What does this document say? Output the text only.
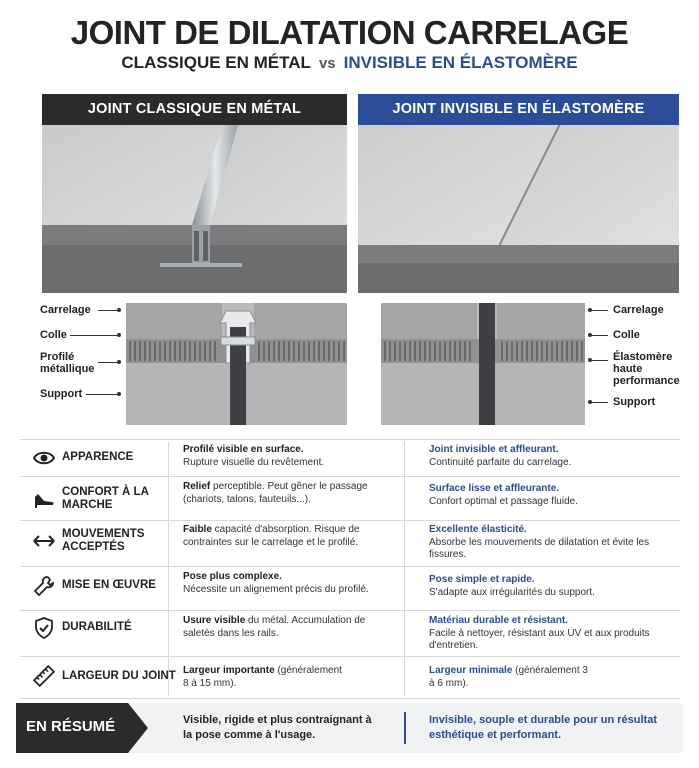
JOINT DE DILATATION CARRELAGE
CLASSIQUE EN MÉTAL vs INVISIBLE EN ÉLASTOMÈRE
JOINT CLASSIQUE EN MÉTAL	JOINT INVISIBLE EN ÉLASTOMÈRE
Carrelage
Colle
Profilé métallique
Support
Carrelage
Colle
Élastomère haute performance
Support
APPARENCE
Profilé visible en surface.
Rupture visuelle du revêtement.
Joint invisible et affleurant.
Continuité parfaite du carrelage.
CONFORT À LA MARCHE
Relief perceptible. Peut gêner le passage (chariots, talons, fauteuils...).
Surface lisse et affleurante.
Confort optimal et passage fluide.
MOUVEMENTS ACCEPTÉS
Faible capacité d'absorption. Risque de contraintes sur le carrelage et le profilé.
Excellente élasticité.
Absorbe les mouvements de dilatation et évite les fissures.
MISE EN ŒUVRE
Pose plus complexe.
Nécessite un alignement précis du profilé.
Pose simple et rapide.
S'adapte aux irrégularités du support.
DURABILITÉ
Usure visible du métal. Accumulation de saletés dans les rails.
Matériau durable et résistant.
Facile à nettoyer, résistant aux UV et aux produits d'entretien.
LARGEUR DU JOINT Largeur importante (généralement 8 à 15 mm).
Largeur minimale (généralement 3 à 6 mm).
EN RÉSUMÉ	Visible, rigide et plus contraignant à la pose comme à l'usage.
Invisible, souple et durable pour un résultat esthétique et performant.
